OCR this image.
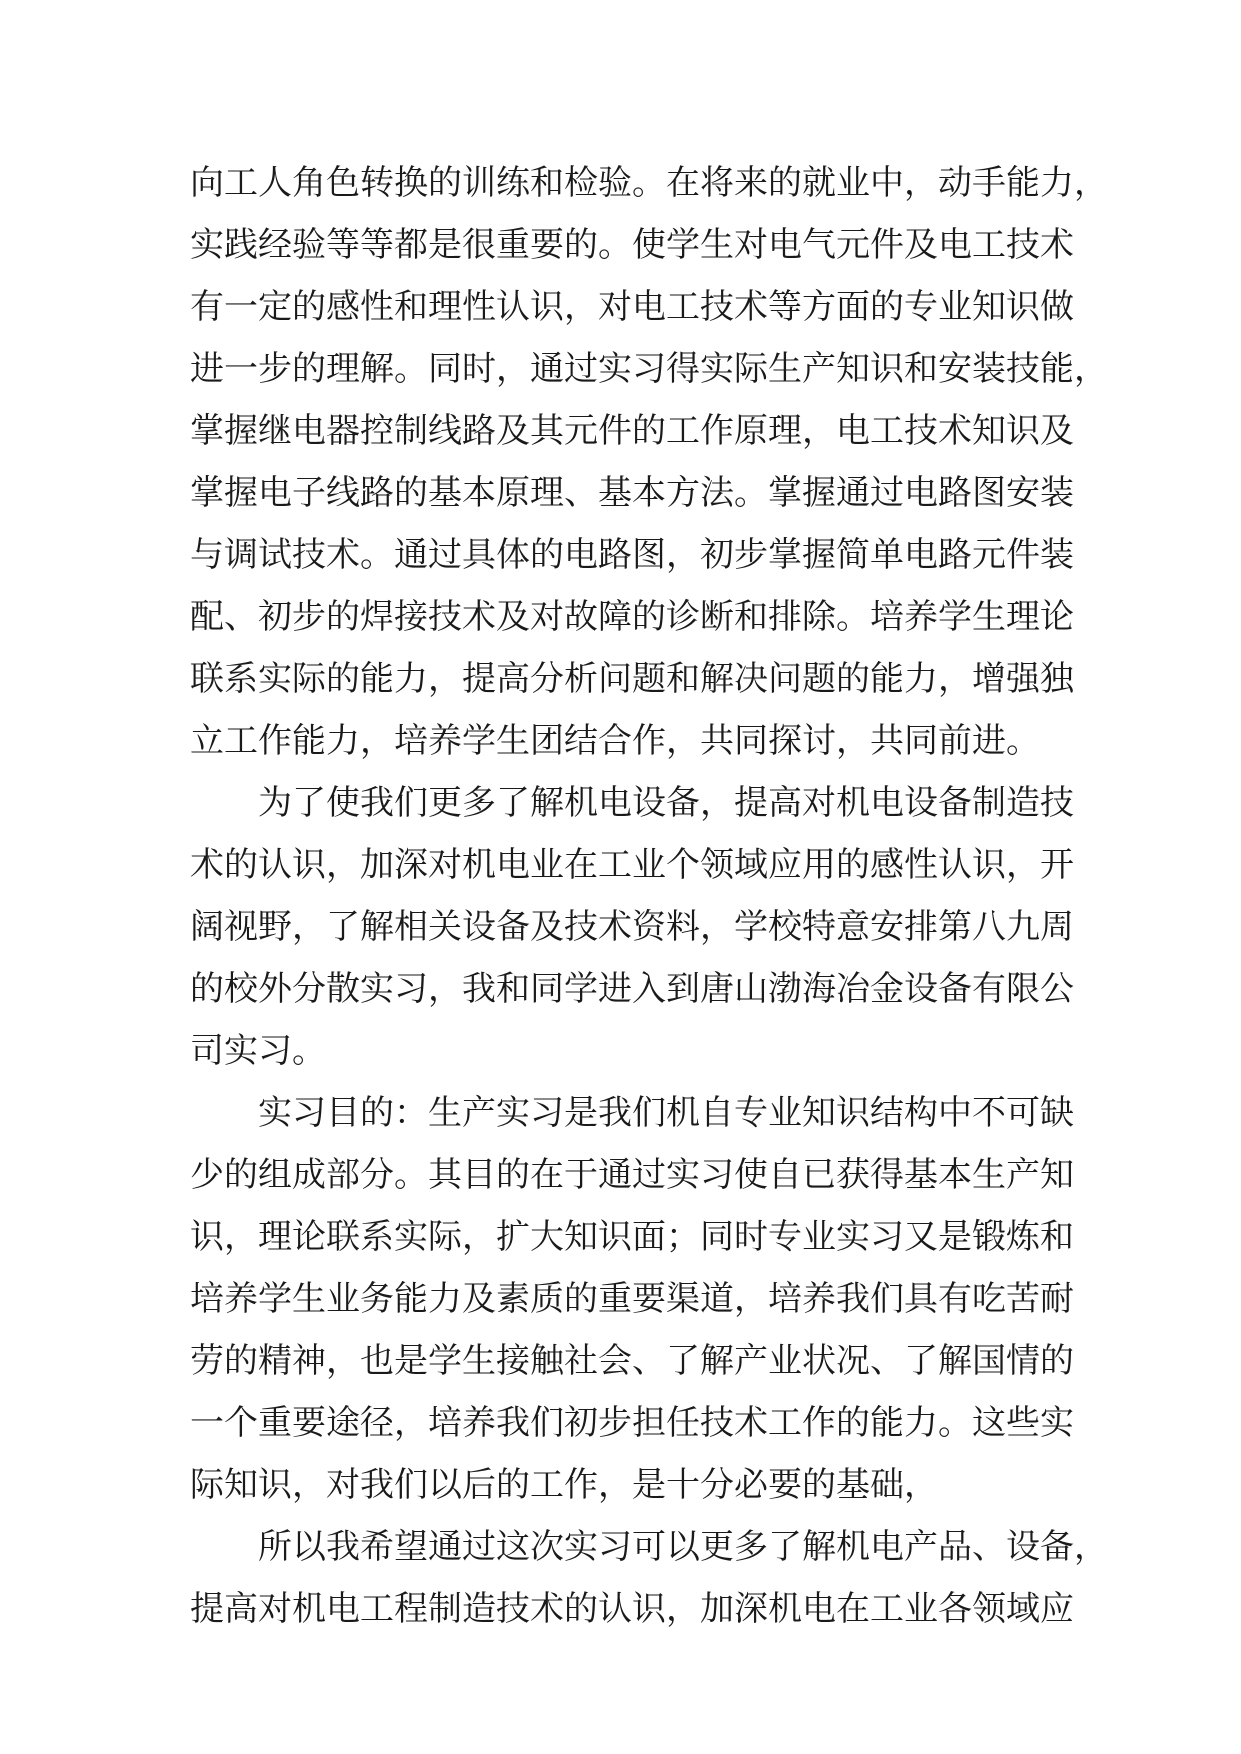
向工人角色转换的训练和检验。在将来的就业中，动手能力，
实践经验等等都是很重要的。使学生对电气元件及电工技术
有一定的感性和理性认识，对电工技术等方面的专业知识做
进一步的理解。同时，通过实习得实际生产知识和安装技能，
掌握继电器控制线路及其元件的工作原理，电工技术知识及
掌握电子线路的基本原理、基本方法。掌握通过电路图安装
与调试技术。通过具体的电路图，初步掌握简单电路元件装
配、初步的焊接技术及对故障的诊断和排除。培养学生理论
联系实际的能力，提高分析问题和解决问题的能力，增强独
立工作能力，培养学生团结合作，共同探讨，共同前进。
　　为了使我们更多了解机电设备，提高对机电设备制造技
术的认识，加深对机电业在工业个领域应用的感性认识，开
阔视野，了解相关设备及技术资料，学校特意安排第八九周
的校外分散实习，我和同学进入到唐山渤海冶金设备有限公
司实习。
　　实习目的：生产实习是我们机自专业知识结构中不可缺
少的组成部分。其目的在于通过实习使自已获得基本生产知
识，理论联系实际，扩大知识面；同时专业实习又是锻炼和
培养学生业务能力及素质的重要渠道，培养我们具有吃苦耐
劳的精神，也是学生接触社会、了解产业状况、了解国情的
一个重要途径，培养我们初步担任技术工作的能力。这些实
际知识，对我们以后的工作，是十分必要的基础，
　　所以我希望通过这次实习可以更多了解机电产品、设备，
提高对机电工程制造技术的认识，加深机电在工业各领域应
